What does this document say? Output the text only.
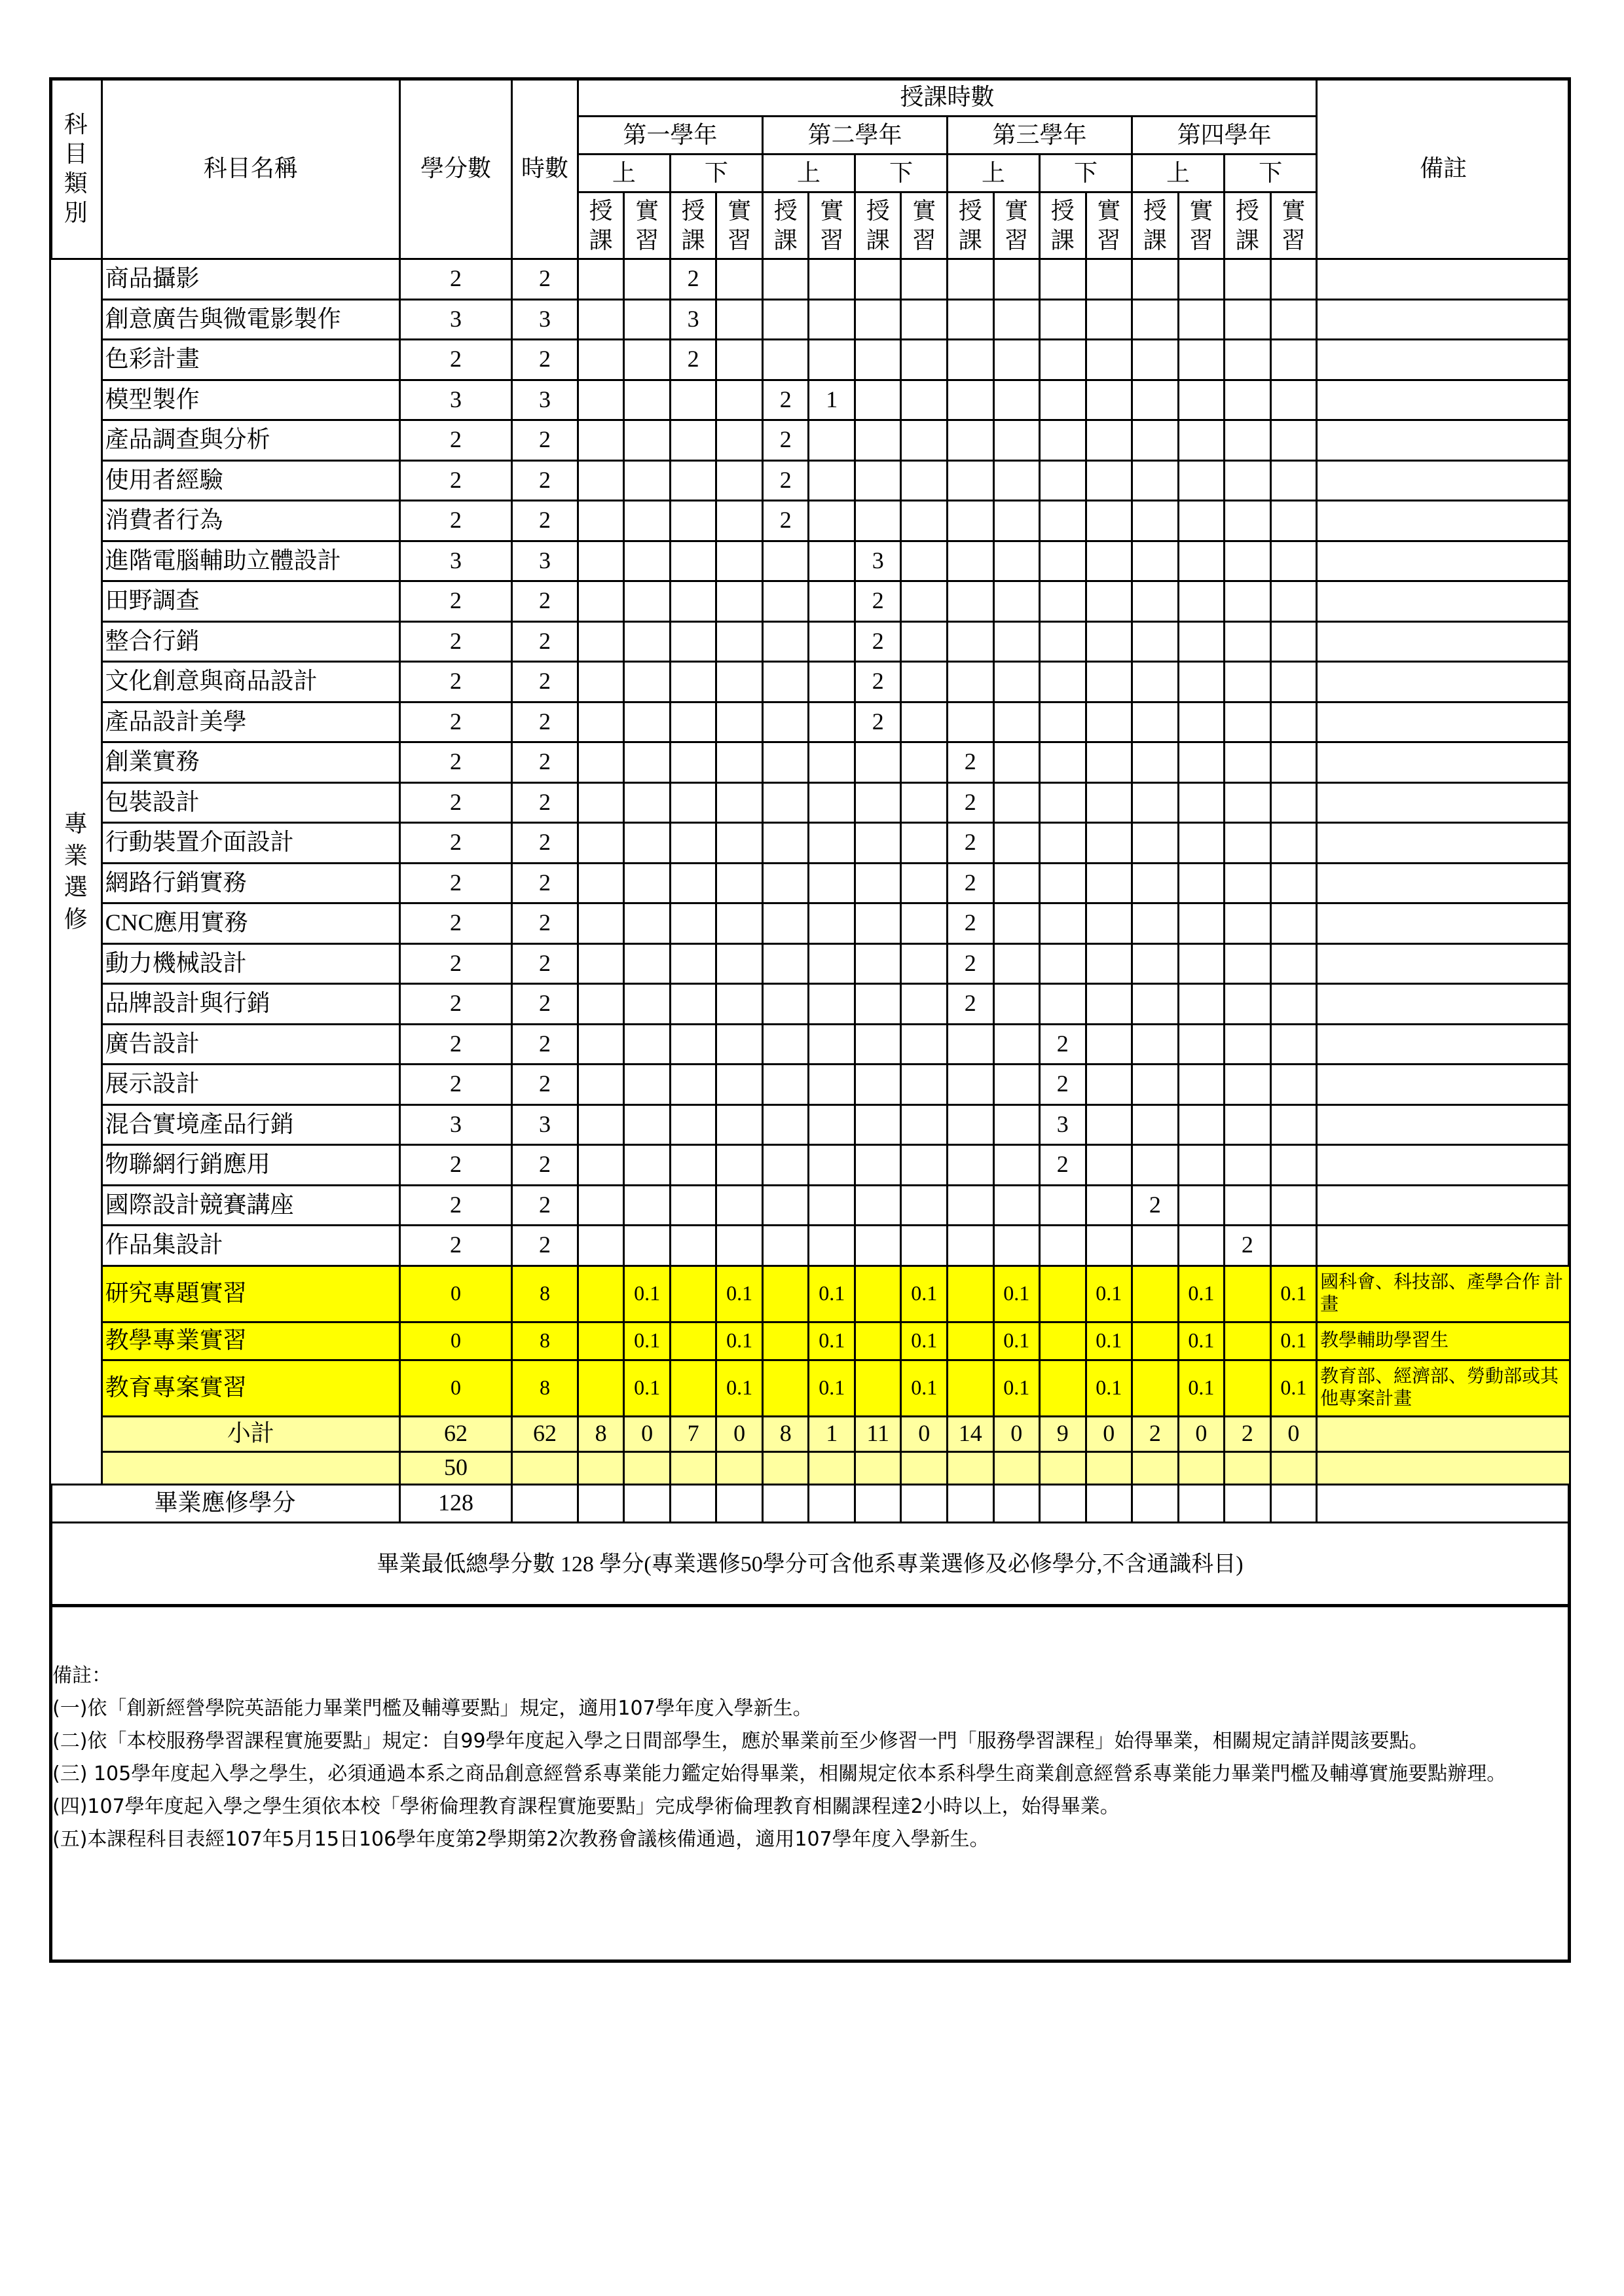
科目類別	科目名稱	學分數	時數	授課時數																備註
				第一學年				第二學年				第三學年				第四學年				
				上		下		上		下		上		下		上		下		
				授課	實習	授課	實習	授課	實習	授課	實習	授課	實習	授課	實習	授課	實習	授課	實習	
專業選修	商品攝影	2	2			2														
	創意廣告與微電影製作	3	3			3														
	色彩計畫	2	2			2														
	模型製作	3	3					2	1											
	產品調查與分析	2	2					2												
	使用者經驗	2	2					2												
	消費者行為	2	2					2												
	進階電腦輔助立體設計	3	3							3										
	田野調查	2	2							2										
	整合行銷	2	2							2										
	文化創意與商品設計	2	2							2										
	產品設計美學	2	2							2										
	創業實務	2	2									2								
	包裝設計	2	2									2								
	行動裝置介面設計	2	2									2								
	網路行銷實務	2	2									2								
	CNC應用實務	2	2									2								
	動力機械設計	2	2									2								
	品牌設計與行銷	2	2									2								
	廣告設計	2	2											2						
	展示設計	2	2											2						
	混合實境產品行銷	3	3											3						
	物聯網行銷應用	2	2											2						
	國際設計競賽講座	2	2													2				
	作品集設計	2	2															2		
	研究專題實習	0	8		0.1		0.1		0.1		0.1		0.1		0.1		0.1		0.1	國科會、科技部、產學合作 計畫
	教學專業實習	0	8		0.1		0.1		0.1		0.1		0.1		0.1		0.1		0.1	教學輔助學習生
	教育專案實習	0	8		0.1		0.1		0.1		0.1		0.1		0.1		0.1		0.1	教育部、經濟部、勞動部或其他專案計畫
	小計	62	62	8	0	7	0	8	1	11	0	14	0	9	0	2	0	2	0	
		50																		
畢業應修學分		128																		
畢業最低總學分數 128 學分(專業選修50學分可含他系專業選修及必修學分,不含通識科目)
備註：
(一)依「創新經營學院英語能力畢業門檻及輔導要點」規定，適用107學年度入學新生。
(二)依「本校服務學習課程實施要點」規定：自99學年度起入學之日間部學生，應於畢業前至少修習一門「服務學習課程」始得畢業，相關規定請詳閱該要點。
(三) 105學年度起入學之學生，必須通過本系之商品創意經營系專業能力鑑定始得畢業，相關規定依本系科學生商業創意經營系專業能力畢業門檻及輔導實施要點辦理。
(四)107學年度起入學之學生須依本校「學術倫理教育課程實施要點」完成學術倫理教育相關課程達2小時以上，始得畢業。
(五)本課程科目表經107年5月15日106學年度第2學期第2次教務會議核備通過，適用107學年度入學新生。
